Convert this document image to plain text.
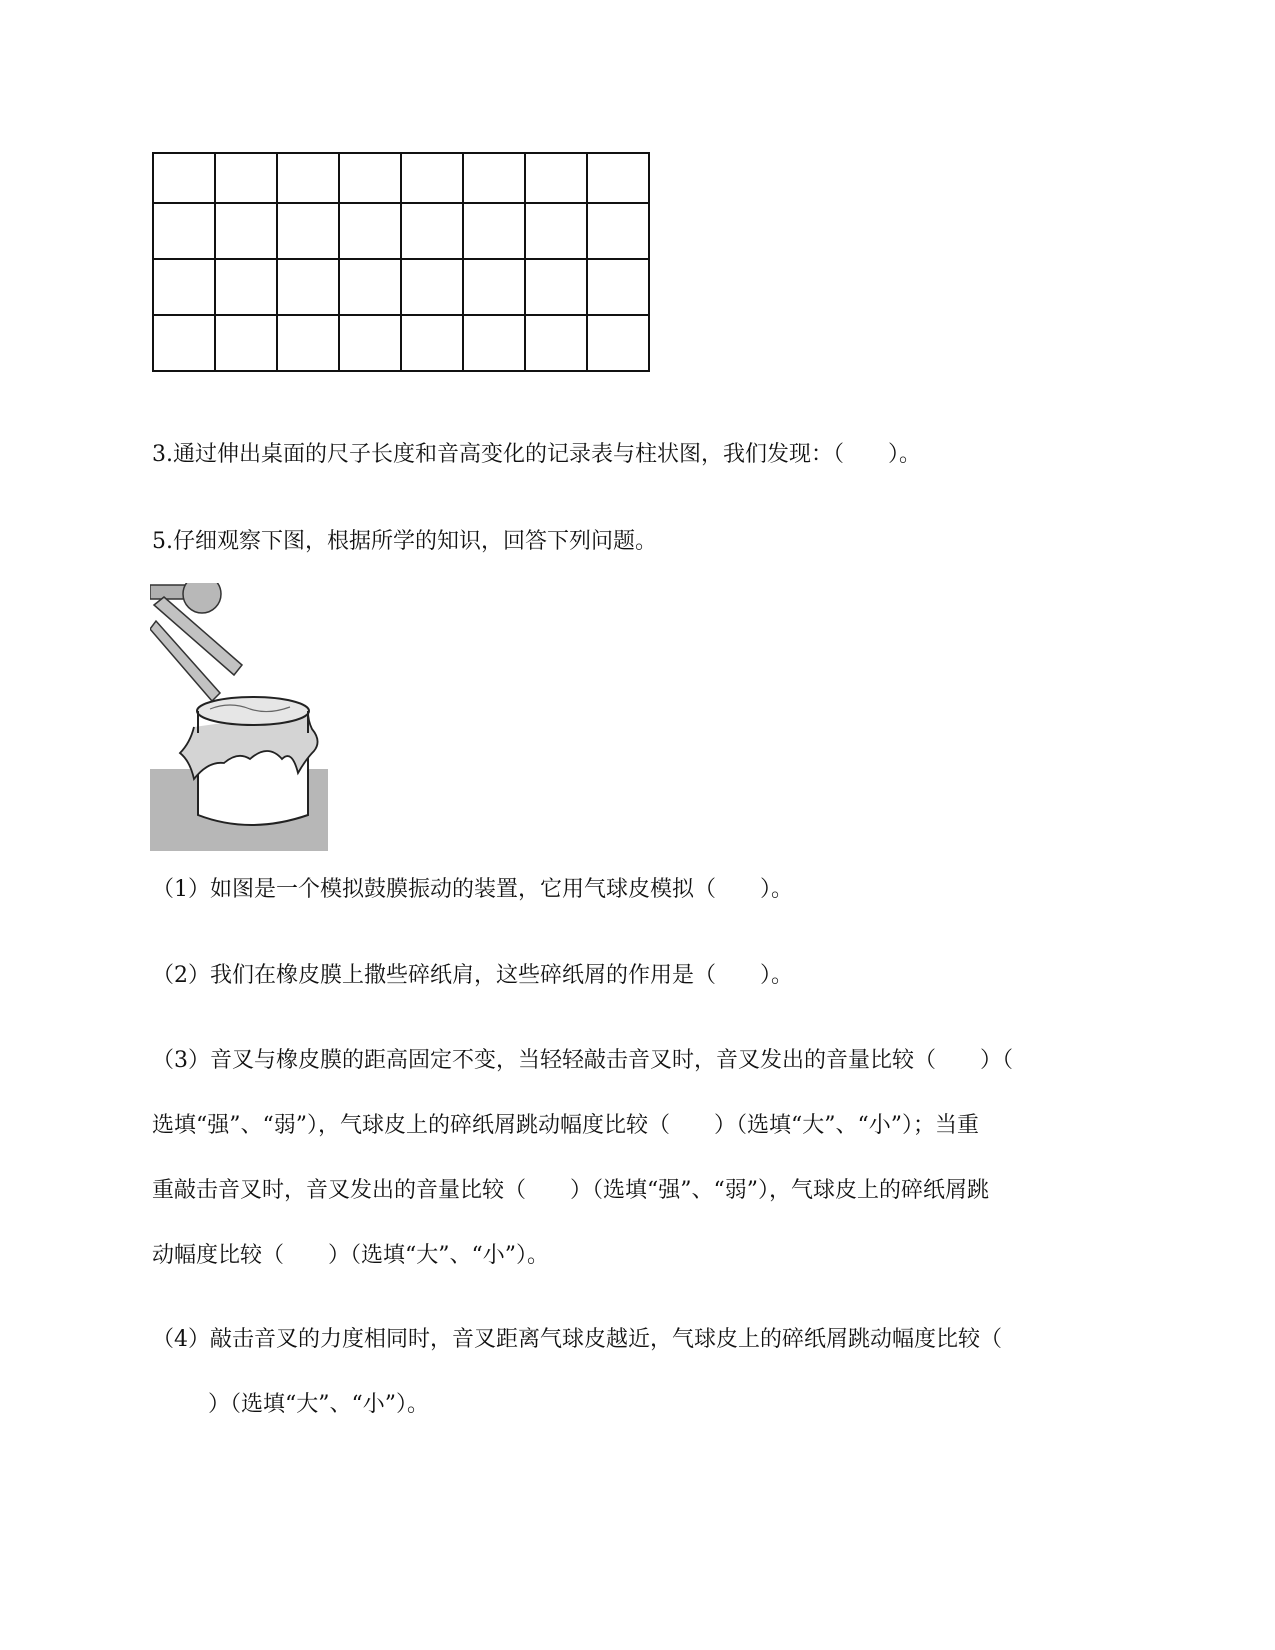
3.通过伸出桌面的尺子长度和音高变化的记录表与柱状图，我们发现：（　　）。

5.仔细观察下图，根据所学的知识，回答下列问题。

（1）如图是一个模拟鼓膜振动的装置，它用气球皮模拟（　　）。

（2）我们在橡皮膜上撒些碎纸肩，这些碎纸屑的作用是（　　）。

（3）音叉与橡皮膜的距高固定不变，当轻轻敲击音叉时，音叉发出的音量比较（　　）（

选填“强”、“弱”），气球皮上的碎纸屑跳动幅度比较（　　）（选填“大”、“小”）；当重

重敲击音叉时，音叉发出的音量比较（　　）（选填“强”、“弱”），气球皮上的碎纸屑跳

动幅度比较（　　）（选填“大”、“小”）。

（4）敲击音叉的力度相同时，音叉距离气球皮越近，气球皮上的碎纸屑跳动幅度比较（

　）（选填“大”、“小”）。
